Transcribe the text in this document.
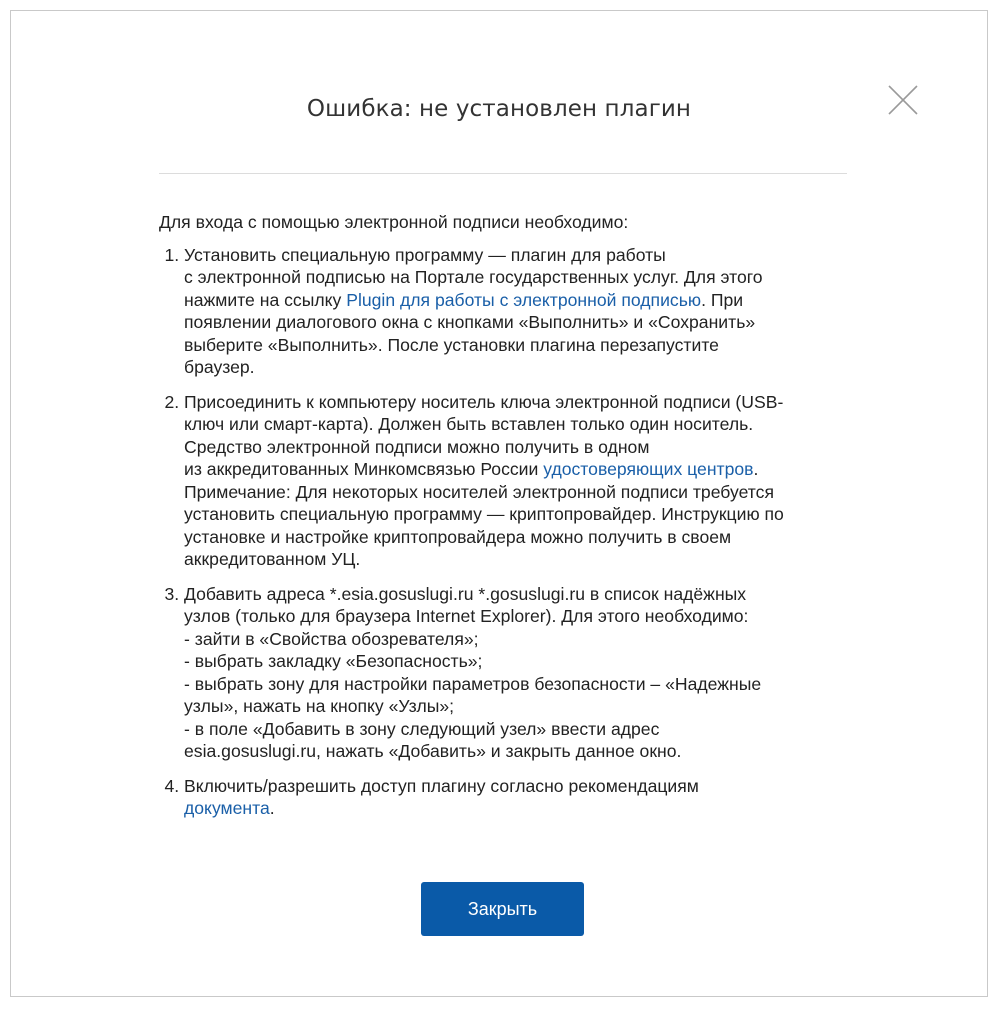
Ошибка: не установлен плагин

Для входа с помощью электронной подписи необходимо:

1. Установить специальную программу — плагин для работы
с электронной подписью на Портале государственных услуг. Для этого
нажмите на ссылку Plugin для работы с электронной подписью. При
появлении диалогового окна с кнопками «Выполнить» и «Сохранить»
выберите «Выполнить». После установки плагина перезапустите
браузер.
2. Присоединить к компьютеру носитель ключа электронной подписи (USB-
ключ или смарт-карта). Должен быть вставлен только один носитель.
Средство электронной подписи можно получить в одном
из аккредитованных Минкомсвязью России удостоверяющих центров.
Примечание: Для некоторых носителей электронной подписи требуется
установить специальную программу — криптопровайдер. Инструкцию по
установке и настройке криптопровайдера можно получить в своем
аккредитованном УЦ.
3. Добавить адреса *.esia.gosuslugi.ru *.gosuslugi.ru в список надёжных
узлов (только для браузера Internet Explorer). Для этого необходимо:
- зайти в «Свойства обозревателя»;
- выбрать закладку «Безопасность»;
- выбрать зону для настройки параметров безопасности – «Надежные
узлы», нажать на кнопку «Узлы»;
- в поле «Добавить в зону следующий узел» ввести адрес
esia.gosuslugi.ru, нажать «Добавить» и закрыть данное окно.
4. Включить/разрешить доступ плагину согласно рекомендациям
документа.
Закрыть
